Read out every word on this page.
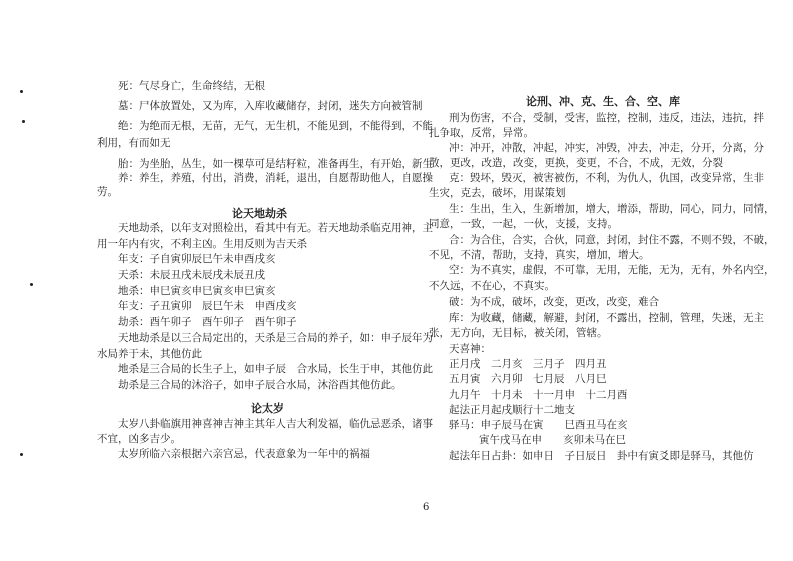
死：气尽身亡，生命终结，无根
墓：尸体放置处，又为库，入库收藏储存，封闭，迷失方向被管制
绝：为绝而无根，无苗，无气，无生机，不能见到，不能得到，不能
利用，有而如无
胎：为坐胎，丛生，如一棵草可是结籽粒，准备再生，有开始，新生
养：养生，养殖，付出，消费，消耗，退出，自愿帮助他人，自愿操
劳。
论天地劫杀
天地劫杀，以年支对照检出，看其中有无。若天地劫杀临克用神，主
用一年内有灾，不利主凶。生用反则为吉天杀
年支：子自寅卯辰巳午未申酉戌亥
天杀：未辰丑戌未辰戌未辰丑戌
地杀：申巳寅亥申巳寅亥申巳寅亥
年支：子丑寅卯　辰巳午未　申酉戌亥
劫杀：酉午卯子　酉午卯子　酉午卯子
天地劫杀是以三合局定出的，天杀是三合局的养子，如：申子辰年为
水局养于未，其他仿此
地杀是三合局的长生子上，如申子辰　合水局，长生于申，其他仿此
劫杀是三合局的沐浴子，如申子辰合水局，沐浴酉其他仿此。
论太岁
太岁八卦临旗用神喜神吉神主其年人吉大利发福，临仇忌恶杀，诸事
不宜，凶多吉少。
太岁所临六亲根据六亲宫忌，代表意象为一年中的祸福
论刑、冲、克、生、合、空、库
刑为伤害，不合，受制，受害，监控，控制，违反，违法，违抗，拌
扎争取，反常，异常。
冲：冲开，冲散，冲起，冲实，冲毁，冲去，冲走，分开，分离，分
散，更改，改造，改变，更换，变更，不合，不成，无效，分裂
克：毁坏，毁灭，被害被伤，不利，为仇人，仇国，改变异常，生非
生灾，克去，破坏，用谋策划
生：生出，生入，生新增加，增大，增添，帮助，同心，同力，同情，
同意，一致，一起，一伙，支援，支持。
合：为合住，合实，合伙，同意，封闭，封住不露，不则不毁，不破，
不见，不清，帮助，支持，真实，增加，增大。
空：为不真实，虚假，不可靠，无用，无能，无为，无有，外名内空，
不久远，不在心，不真实。
破：为不成，破坏，改变，更改，改变，难合
库：为收藏，储藏，解避，封闭，不露出，控制，管理，失迷，无主
张，无方向，无目标，被关闭，管辖。
天喜神：
正月戌　二月亥　三月子　四月丑
五月寅　六月卯　七月辰　八月巳
九月午　十月未　十一月申　十二月酉
起法正月起戌顺行十二地支
驿马：申子辰马在寅　　巳酉丑马在亥
寅午戌马在申　　亥卯未马在巳
起法年日占卦：如申日　子日辰日　卦中有寅爻即是驿马，其他仿
6
